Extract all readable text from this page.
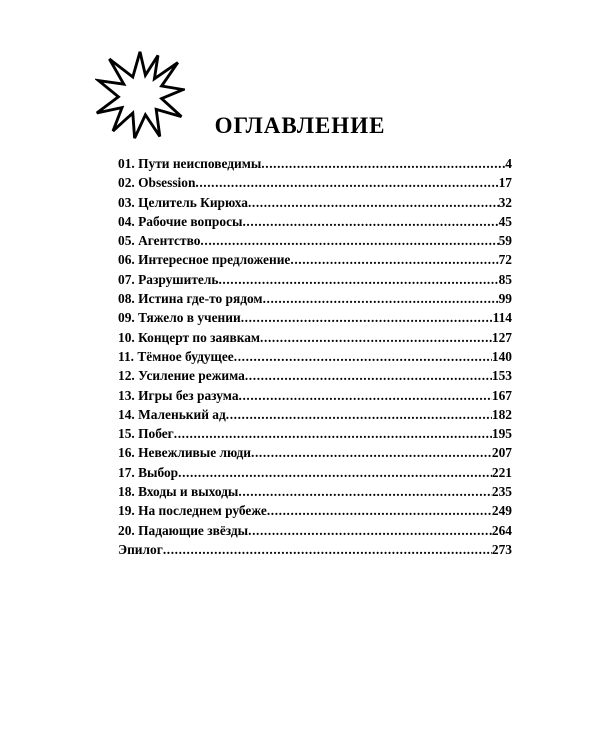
ОГЛАВЛЕНИЕ
01. Пути неисповедимы .....	4
02. Obsession .....	17
03. Целитель Кирюха .....	32
04. Рабочие вопросы .....	45
05. Агентство .....	59
06. Интересное предложение .....	72
07. Разрушитель .....	85
08. Истина где-то рядом .....	99
09. Тяжело в учении .....	114
10. Концерт по заявкам .....	127
11. Тёмное будущее .....	140
12. Усиление режима .....	153
13. Игры без разума .....	167
14. Маленький ад .....	182
15. Побег .....	195
16. Невежливые люди .....	207
17. Выбор .....	221
18. Входы и выходы .....	235
19. На последнем рубеже .....	249
20. Падающие звёзды .....	264
Эпилог .....	273
